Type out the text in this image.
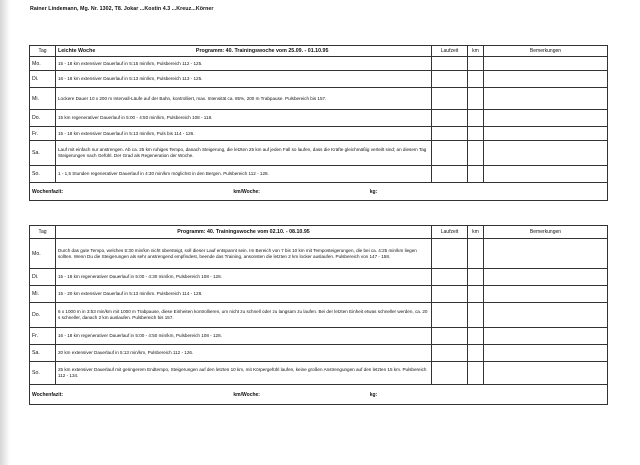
Rainer Lindemann, Mg. Nr. 1302, T8. Jokar ...Kostin 4.3 ...Kreuz...Körner
Tag	Leichte Woche Programm: 40. Trainingswoche vom 25.09. - 01.10.95	Laufzeit	km	Bemerkungen
Mo.	15 - 18 km extensiver Dauerlauf in 5:15 min/km, Pulsbereich 112 - 125.			
Di.	16 - 18 km extensiver Dauerlauf in 5:13 min/km, Pulsbereich 113 - 125.			
Mi.	Lockere Dauer 10 x 200 m Intervall-Läufe auf der Bahn, kontrolliert, max. Intensität ca. 85%, 200 m Trabpause. Pulsbereich bis 157.			
Do.	15 km regenerativer Dauerlauf in 5:00 - 4:50 min/km, Pulsbereich 108 - 118.			
Fr.	15 - 18 km extensiver Dauerlauf in 5:13 min/km, Puls bis 114 - 126.			
Sa.	Lauf mit einfach nur anstrengen. Ab ca. 25 km ruhiges Tempo, danach Steigerung, die letzten 25 km auf jeden Fall so laufen, dass die Kräfte gleichmäßig verteilt sind; an diesem Tag Steigerungen nach Gefühl. Der Grad als Regeneration der Woche.			
So.	1 - 1,5 Stunden regenerativer Dauerlauf in 4:30 min/km möglichst in den Bergen. Pulsbereich 112 - 128.			
Wochenfazit: km/Woche: kg:				
Tag	Programm: 40. Trainingswoche vom 02.10. - 08.10.95	Laufzeit	km	Bemerkungen
Mo.	Durch das gute Tempo, welches 5:30 min/km nicht übersteigt, soll dieser Lauf entspannt sein. Im Bereich von 7 bis 10 km mit Temposteigerungen, die bei ca. 4:25 min/km liegen sollten. Wenn Du die Steigerungen als sehr anstrengend empfindest, beende das Training, ansonsten die letzten 2 km locker auslaufen. Pulsbereich von 147 - 158.			
Di.	15 - 18 km regenerativer Dauerlauf in 5:00 - 4:30 min/km, Pulsbereich 108 - 128.			
Mi.	15 - 20 km extensiver Dauerlauf in 5:13 min/km. Pulsbereich 114 - 128.			
Do.	6 x 1000 m in 3:53 min/km mit 1000 m Trabpause, diese Einheiten kontrollieren, um nicht zu schnell oder zu langsam zu laufen. Bei der letzten Einheit etwas schneller werden, ca. 20 s schneller, danach 2 km auslaufen. Pulsbereich bis 157.			
Fr.	16 - 18 km regenerativer Dauerlauf in 5:00 - 4:50 min/km, Pulsbereich 108 - 128.			
Sa.	20 km extensiver Dauerlauf in 5:13 min/km, Pulsbereich 112 - 126.			
So.	25 km extensiver Dauerlauf mit geringerem Endtempo, Steigerungen auf den letzten 10 km, mit Körpergefühl laufen, keine großen Anstrengungen auf den letzten 15 km. Pulsbereich 112 - 134.			
Wochenfazit: km/Woche: kg:				
